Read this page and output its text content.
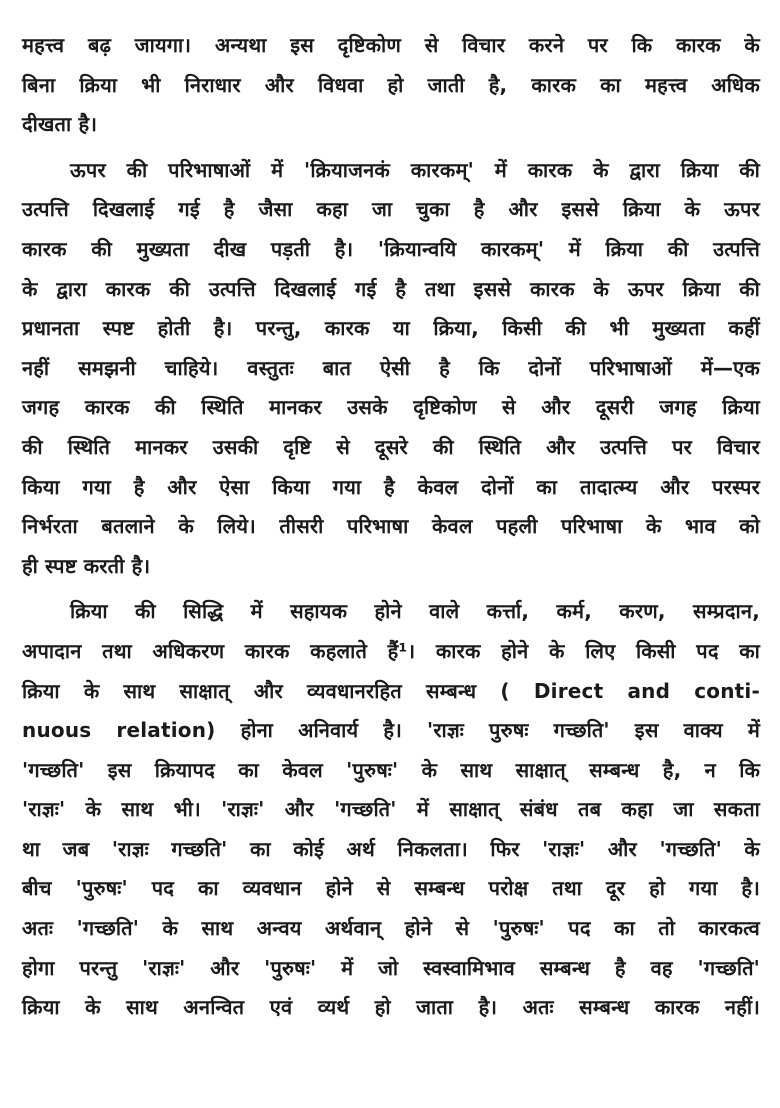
महत्त्व बढ़ जायगा। अन्यथा इस दृष्टिकोण से विचार करने पर कि कारक के
बिना क्रिया भी निराधार और विधवा हो जाती है, कारक का महत्त्व अधिक
दीखता है।
ऊपर की परिभाषाओं में 'क्रियाजनकं कारकम्' में कारक के द्वारा क्रिया की
उत्पत्ति दिखलाई गई है जैसा कहा जा चुका है और इससे क्रिया के ऊपर
कारक की मुख्यता दीख पड़ती है। 'क्रियान्वयि कारकम्' में क्रिया की उत्पत्ति
के द्वारा कारक की उत्पत्ति दिखलाई गई है तथा इससे कारक के ऊपर क्रिया की
प्रधानता स्पष्ट होती है। परन्तु, कारक या क्रिया, किसी की भी मुख्यता कहीं
नहीं समझनी चाहिये। वस्तुतः बात ऐसी है कि दोनों परिभाषाओं में—एक
जगह कारक की स्थिति मानकर उसके दृष्टिकोण से और दूसरी जगह क्रिया
की स्थिति मानकर उसकी दृष्टि से दूसरे की स्थिति और उत्पत्ति पर विचार
किया गया है और ऐसा किया गया है केवल दोनों का तादात्म्य और परस्पर
निर्भरता बतलाने के लिये। तीसरी परिभाषा केवल पहली परिभाषा के भाव को
ही स्पष्ट करती है।
क्रिया की सिद्धि में सहायक होने वाले कर्त्ता, कर्म, करण, सम्प्रदान,
अपादान तथा अधिकरण कारक कहलाते हैं¹। कारक होने के लिए किसी पद का
क्रिया के साथ साक्षात् और व्यवधानरहित सम्बन्ध ( Direct and conti-
nuous relation) होना अनिवार्य है। 'राज्ञः पुरुषः गच्छति' इस वाक्य में
'गच्छति' इस क्रियापद का केवल 'पुरुषः' के साथ साक्षात् सम्बन्ध है, न कि
'राज्ञः' के साथ भी। 'राज्ञः' और 'गच्छति' में साक्षात् संबंध तब कहा जा सकता
था जब 'राज्ञः गच्छति' का कोई अर्थ निकलता। फिर 'राज्ञः' और 'गच्छति' के
बीच 'पुरुषः' पद का व्यवधान होने से सम्बन्ध परोक्ष तथा दूर हो गया है।
अतः 'गच्छति' के साथ अन्वय अर्थवान् होने से 'पुरुषः' पद का तो कारकत्व
होगा परन्तु 'राज्ञः' और 'पुरुषः' में जो स्वस्वामिभाव सम्बन्ध है वह 'गच्छति'
क्रिया के साथ अनन्वित एवं व्यर्थ हो जाता है। अतः सम्बन्ध कारक नहीं।
